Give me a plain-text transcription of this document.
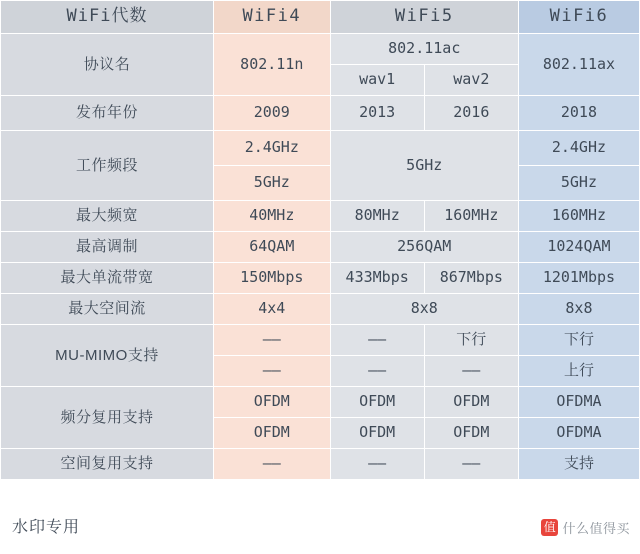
WiFi代数	WiFi4	WiFi5		WiFi6
协议名	802.11n	802.11ac		802.11ax
		wav1	wav2	
发布年份	2009	2013	2016	2018
工作频段	2.4GHz	5GHz		2.4GHz
	5GHz			5GHz
最大频宽	40MHz	80MHz	160MHz	160MHz
最高调制	64QAM	256QAM		1024QAM
最大单流带宽	150Mbps	433Mbps	867Mbps	1201Mbps
最大空间流	4x4	8x8		8x8
MU-MIMO支持	——	——	下行	下行
	——	——	——	上行
频分复用支持	OFDM	OFDM	OFDM	OFDMA
	OFDM	OFDM	OFDM	OFDMA
空间复用支持	——	——	——	支持
水印专用	值 什么值得买
